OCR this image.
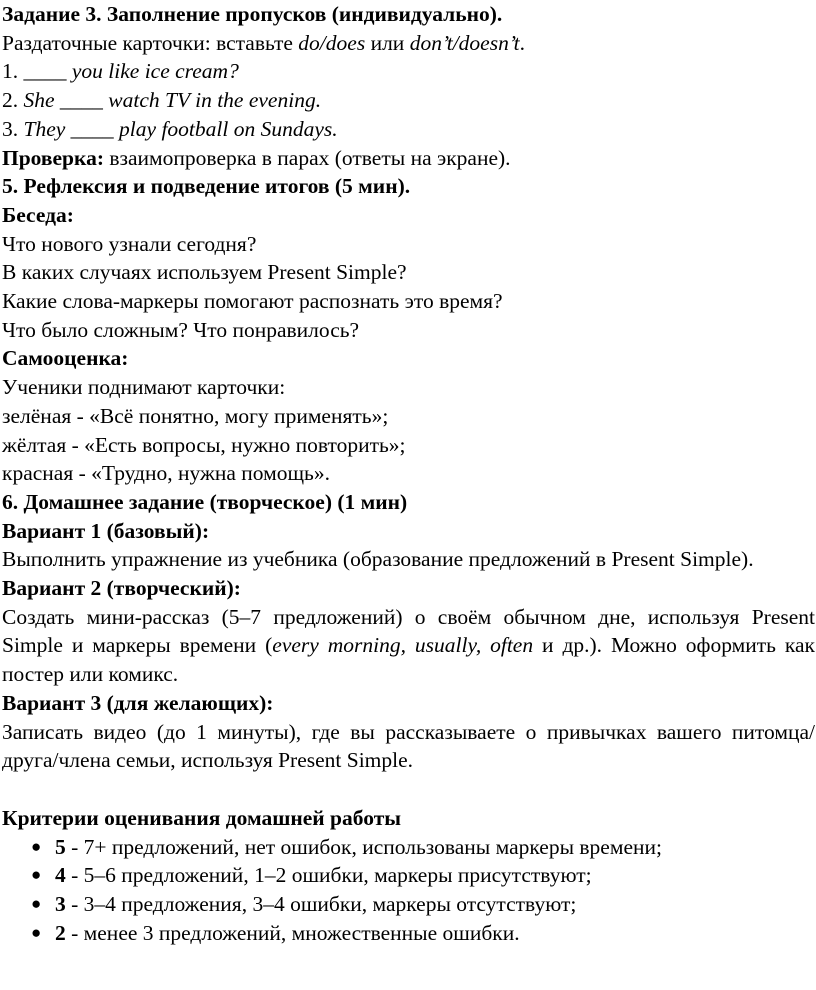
Задание 3. Заполнение пропусков (индивидуально).

Раздаточные карточки: вставьте do/does или don’t/doesn’t.

1. ____ you like ice cream?

2. She ____ watch TV in the evening.

3. They ____ play football on Sundays.

Проверка: взаимопроверка в парах (ответы на экране).

5. Рефлексия и подведение итогов (5 мин).

Беседа:

Что нового узнали сегодня?

В каких случаях используем Present Simple?

Какие слова-маркеры помогают распознать это время?

Что было сложным? Что понравилось?

Самооценка:

Ученики поднимают карточки:

зелёная - «Всё понятно, могу применять»;

жёлтая - «Есть вопросы, нужно повторить»;

красная - «Трудно, нужна помощь».

6. Домашнее задание (творческое) (1 мин)

Вариант 1 (базовый):

Выполнить упражнение из учебника (образование предложений в Present Simple).

Вариант 2 (творческий):

Создать мини-рассказ (5–7 предложений) о своём обычном дне, используя Present Simple и маркеры времени (every morning, usually, often и др.). Можно оформить как постер или комикс.

Вариант 3 (для желающих):

Записать видео (до 1 минуты), где вы рассказываете о привычках вашего питомца/друга/члена семьи, используя Present Simple.

Критерии оценивания домашней работы

● 5 - 7+ предложений, нет ошибок, использованы маркеры времени;
● 4 - 5–6 предложений, 1–2 ошибки, маркеры присутствуют;
● 3 - 3–4 предложения, 3–4 ошибки, маркеры отсутствуют;
● 2 - менее 3 предложений, множественные ошибки.
